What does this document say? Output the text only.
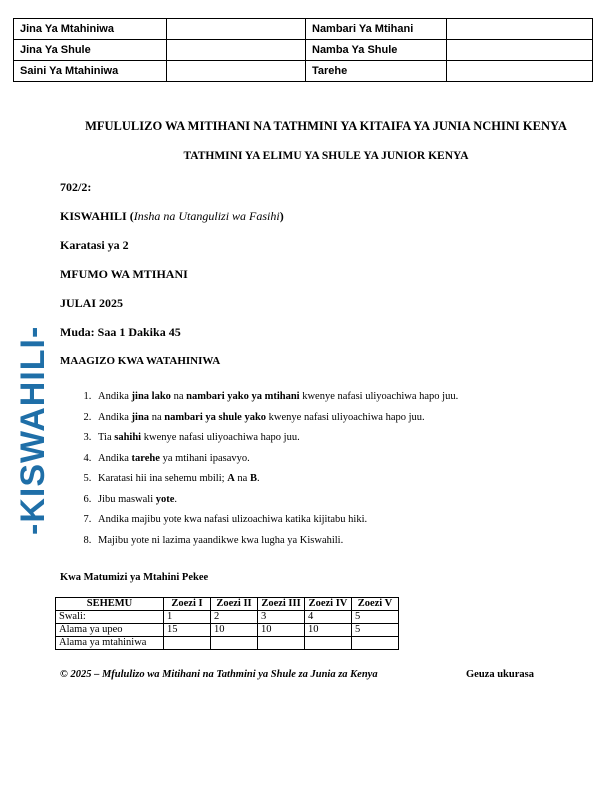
Jina Ya Mtahiniwa		Nambari Ya Mtihani	
Jina Ya Shule		Namba Ya Shule	
Saini Ya Mtahiniwa		Tarehe	
MFULULIZO WA MITIHANI NA TATHMINI YA KITAIFA YA JUNIA NCHINI KENYA
TATHMINI YA ELIMU YA SHULE YA JUNIOR KENYA
702/2:
KISWAHILI (Insha na Utangulizi wa Fasihi)
Karatasi ya 2
MFUMO WA MTIHANI
JULAI 2025
Muda: Saa 1 Dakika 45
MAAGIZO KWA WATAHINIWA
-KISWAHILI-	1. Andika jina lako na nambari yako ya mtihani kwenye nafasi uliyoachiwa hapo juu.
2. Andika jina na nambari ya shule yako kwenye nafasi uliyoachiwa hapo juu.
3. Tia sahihi kwenye nafasi uliyoachiwa hapo juu.
4. Andika tarehe ya mtihani ipasavyo.
5. Karatasi hii ina sehemu mbili; A na B.
6. Jibu maswali yote.
7. Andika majibu yote kwa nafasi ulizoachiwa katika kijitabu hiki.
8. Majibu yote ni lazima yaandikwe kwa lugha ya Kiswahili.
Kwa Matumizi ya Mtahini Pekee
SEHEMU	Zoezi I	Zoezi II	Zoezi III	Zoezi IV	Zoezi V
Swali:	1	2	3	4	5
Alama ya upeo	15	10	10	10	5
Alama ya mtahiniwa					
© 2025 – Mfululizo wa Mitihani na Tathmini ya Shule za Junia za Kenya	Geuza ukurasa
